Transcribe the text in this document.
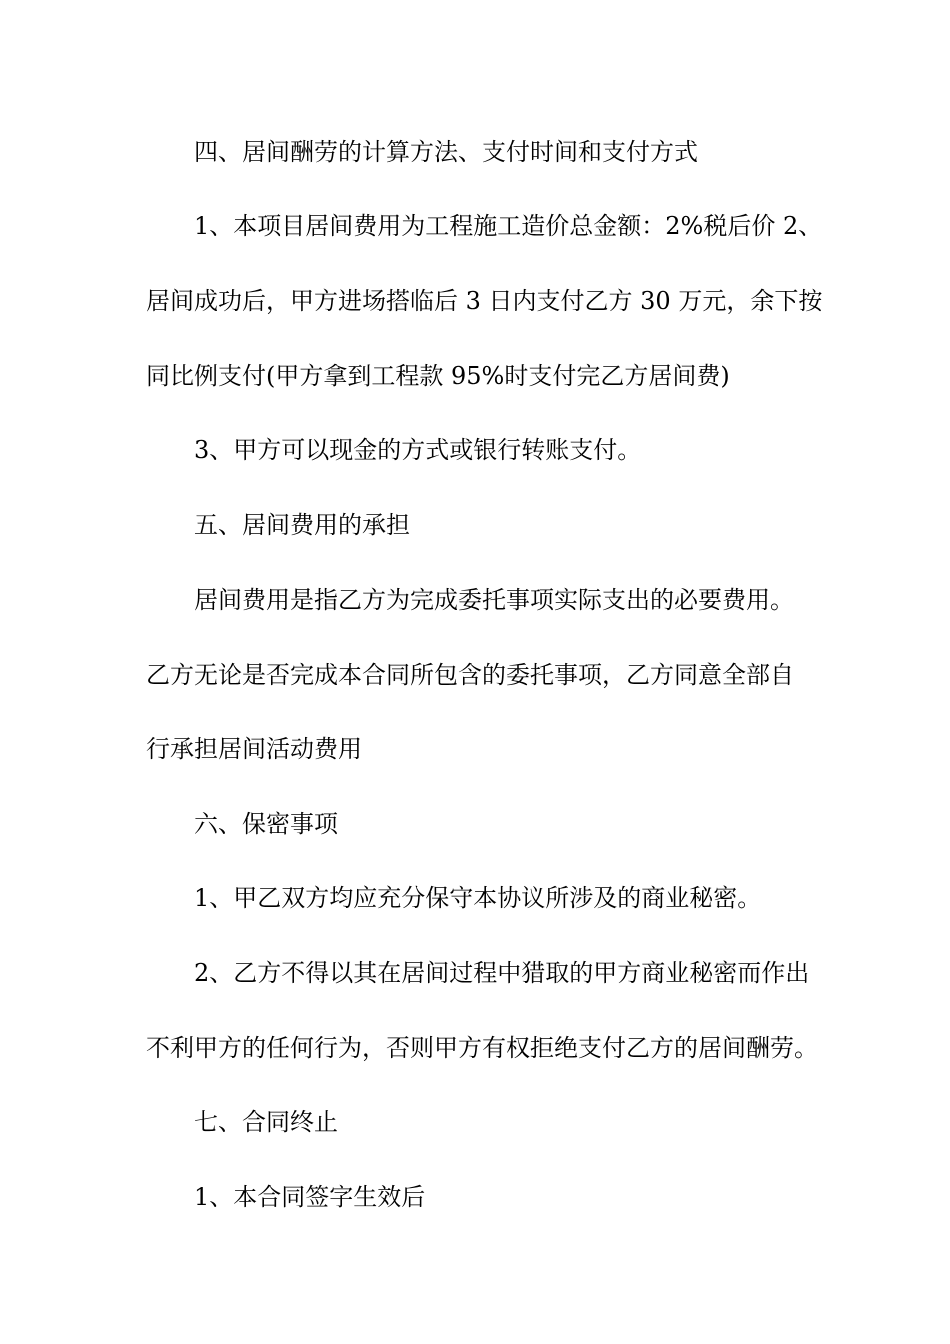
四、居间酬劳的计算方法、支付时间和支付方式
1、本项目居间费用为工程施工造价总金额：2%税后价 2、
居间成功后，甲方进场搭临后 3 日内支付乙方 30 万元，余下按
同比例支付(甲方拿到工程款 95%时支付完乙方居间费)
3、甲方可以现金的方式或银行转账支付。
五、居间费用的承担
居间费用是指乙方为完成委托事项实际支出的必要费用。
乙方无论是否完成本合同所包含的委托事项，乙方同意全部自
行承担居间活动费用
六、保密事项
1、甲乙双方均应充分保守本协议所涉及的商业秘密。
2、乙方不得以其在居间过程中猎取的甲方商业秘密而作出
不利甲方的任何行为，否则甲方有权拒绝支付乙方的居间酬劳。
七、合同终止
1、本合同签字生效后
